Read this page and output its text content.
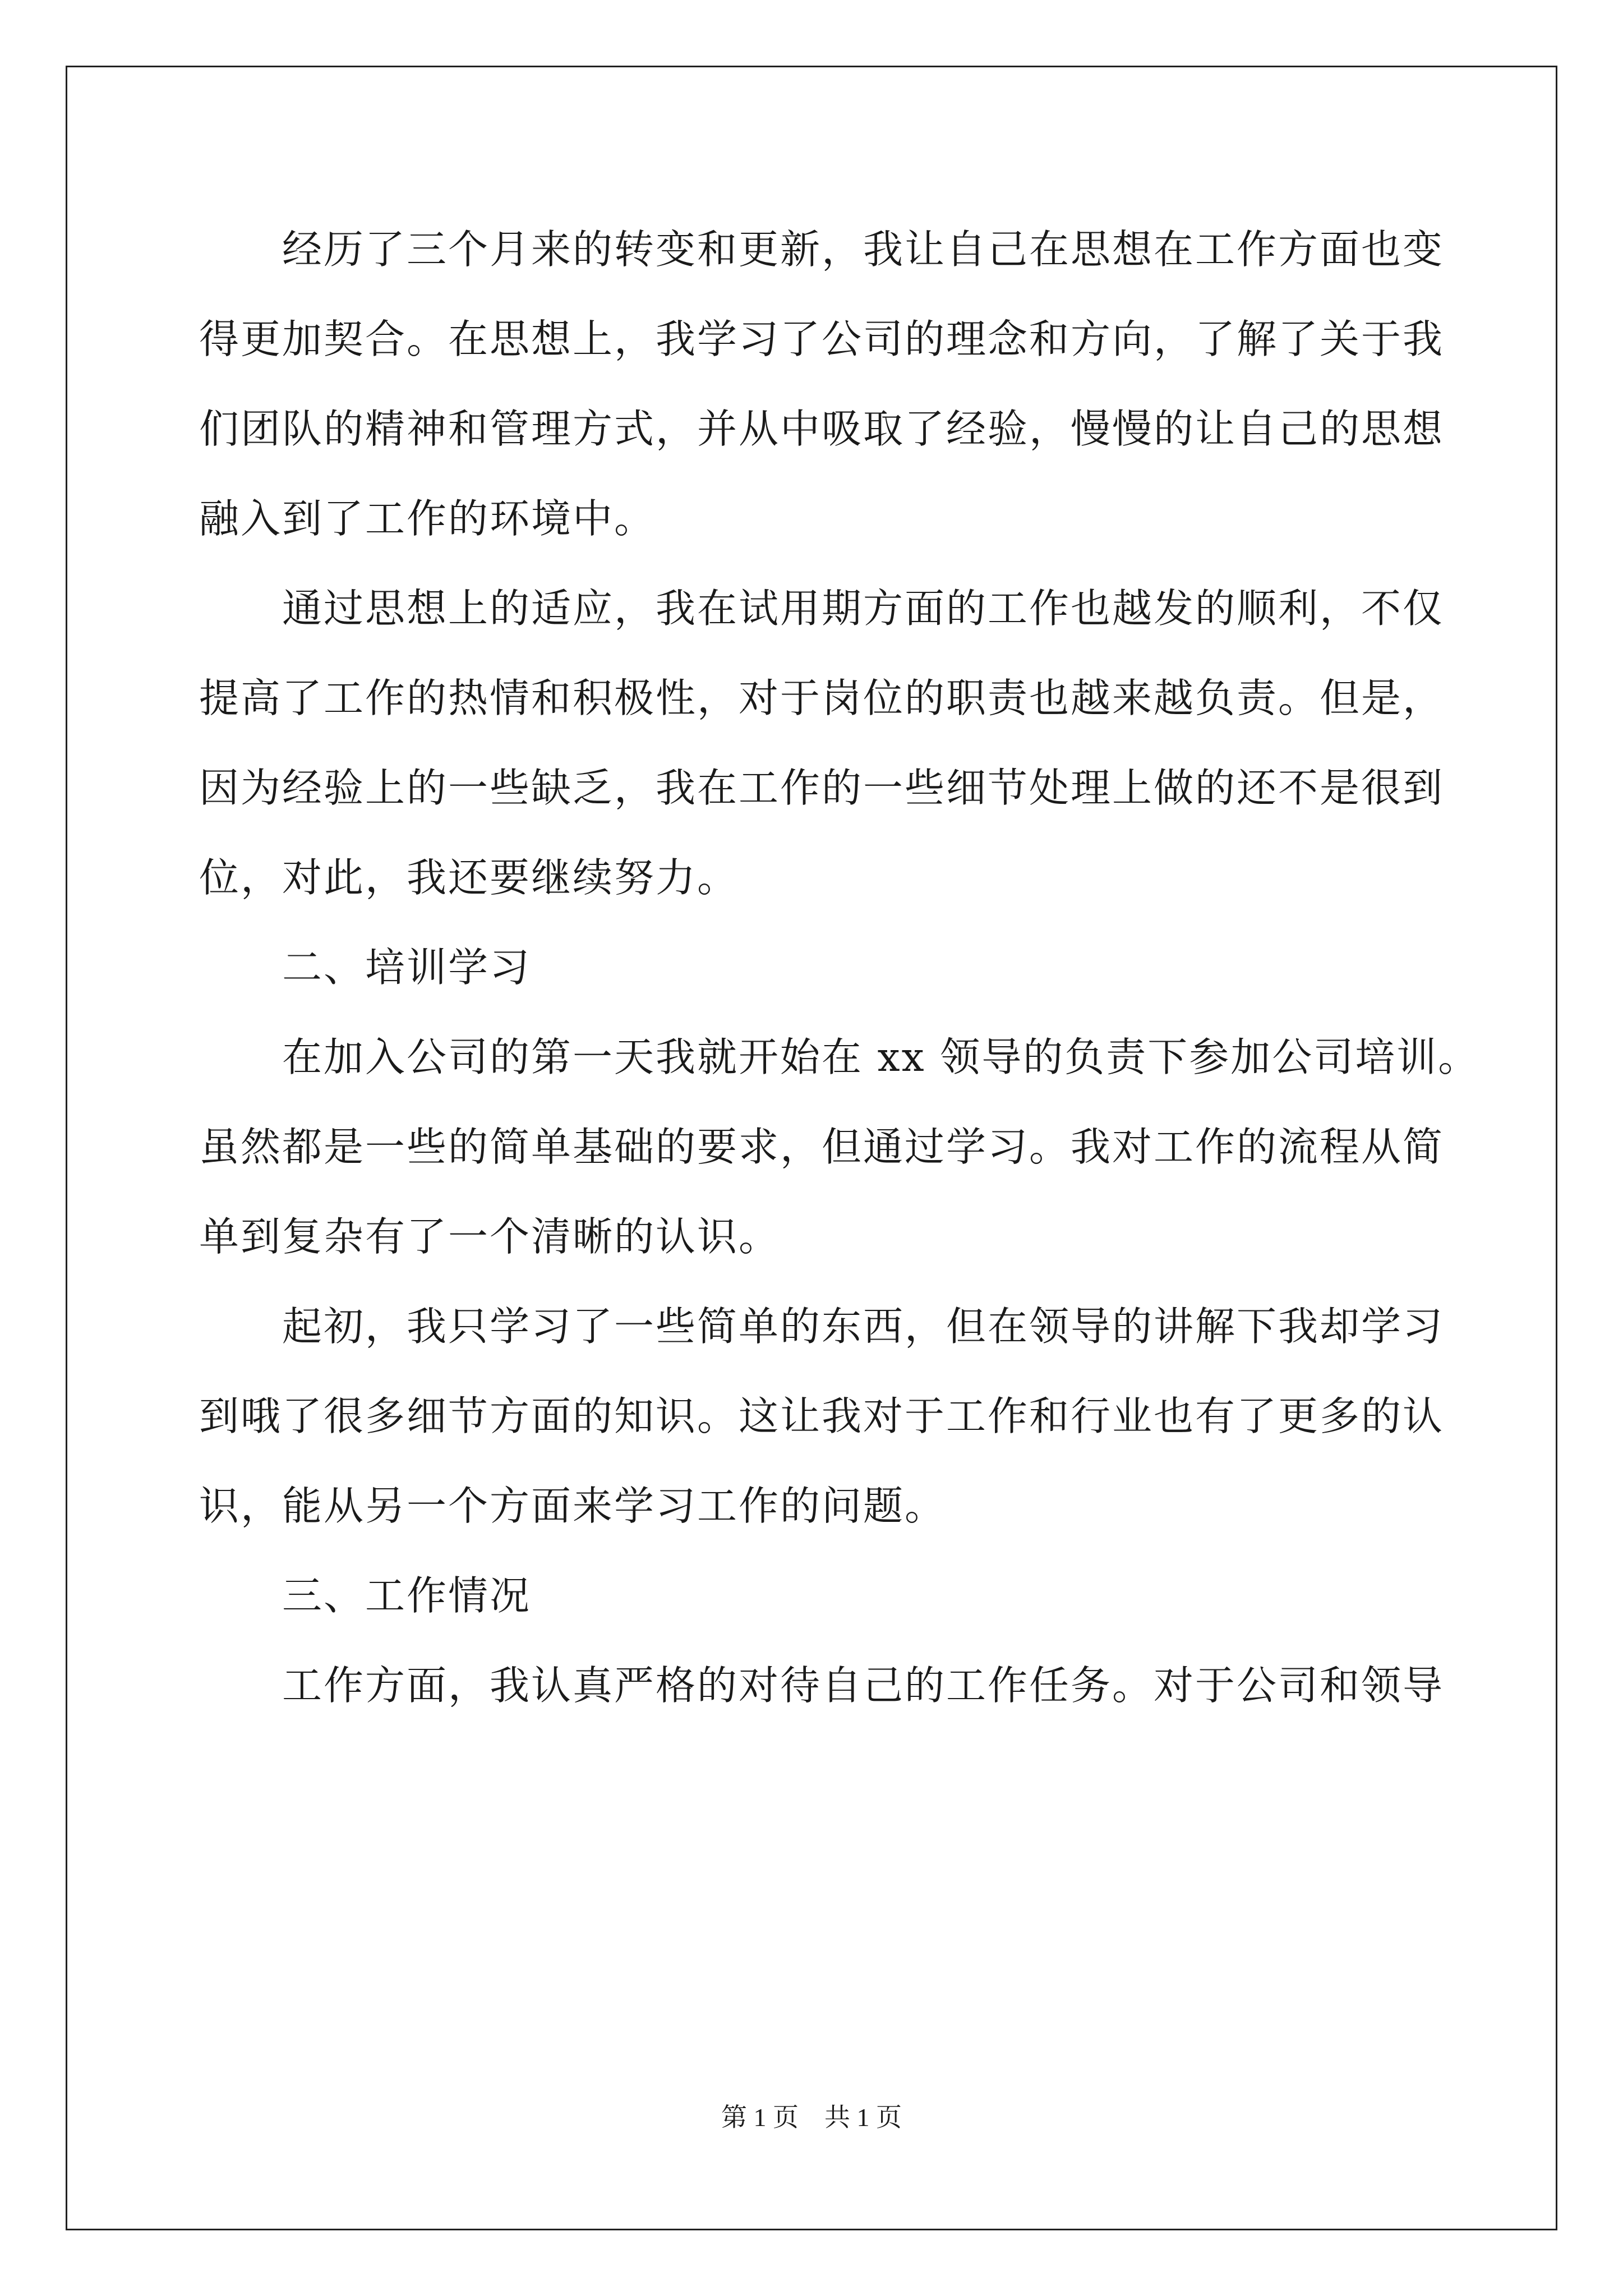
经历了三个月来的转变和更新，我让自己在思想在工作方面也变
得更加契合。在思想上，我学习了公司的理念和方向，了解了关于我
们团队的精神和管理方式，并从中吸取了经验，慢慢的让自己的思想
融入到了工作的环境中。
通过思想上的适应，我在试用期方面的工作也越发的顺利，不仅
提高了工作的热情和积极性，对于岗位的职责也越来越负责。但是，
因为经验上的一些缺乏，我在工作的一些细节处理上做的还不是很到
位，对此，我还要继续努力。
二、培训学习
在加入公司的第一天我就开始在 xx 领导的负责下参加公司培训。
虽然都是一些的简单基础的要求，但通过学习。我对工作的流程从简
单到复杂有了一个清晰的认识。
起初，我只学习了一些简单的东西，但在领导的讲解下我却学习
到哦了很多细节方面的知识。这让我对于工作和行业也有了更多的认
识，能从另一个方面来学习工作的问题。
三、工作情况
工作方面，我认真严格的对待自己的工作任务。对于公司和领导
第 1 页　共 1 页
